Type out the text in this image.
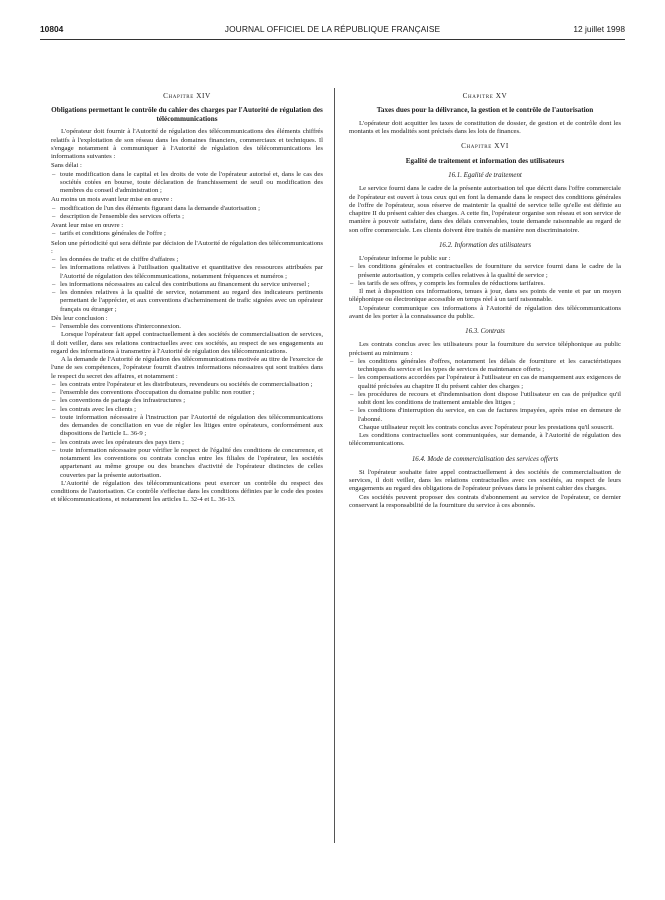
10804	JOURNAL OFFICIEL DE LA RÉPUBLIQUE FRANÇAISE	12 juillet 1998
Chapitre XIV
Obligations permettant le contrôle du cahier des charges par l'Autorité de régulation des télécommunications

L'opérateur doit fournir à l'Autorité de régulation des télécommunications des éléments chiffrés relatifs à l'exploitation de son réseau dans les domaines financiers, commerciaux et techniques. Il s'engage notamment à communiquer à l'Autorité de régulation des télécommunications les informations suivantes :

Sans délai :

– toute modification dans le capital et les droits de vote de l'opérateur autorisé et, dans le cas des sociétés cotées en bourse, toute déclaration de franchissement de seuil ou modification des membres du conseil d'administration ;

Au moins un mois avant leur mise en œuvre :

– modification de l'un des éléments figurant dans la demande d'autorisation ;
– description de l'ensemble des services offerts ;

Avant leur mise en œuvre :

– tarifs et conditions générales de l'offre ;

Selon une périodicité qui sera définie par décision de l'Autorité de régulation des télécommunications :

– les données de trafic et de chiffre d'affaires ;
– les informations relatives à l'utilisation qualitative et quantitative des ressources attribuées par l'Autorité de régulation des télécommunications, notamment fréquences et numéros ;
– les informations nécessaires au calcul des contributions au financement du service universel ;
– les données relatives à la qualité de service, notamment au regard des indicateurs pertinents permettant de l'apprécier, et aux conventions d'acheminement de trafic signées avec un opérateur français ou étranger ;

Dès leur conclusion :

– l'ensemble des conventions d'interconnexion.

Lorsque l'opérateur fait appel contractuellement à des sociétés de commercialisation de services, il doit veiller, dans ses relations contractuelles avec ces sociétés, au respect de ses engagements au regard des informations à transmettre à l'Autorité de régulation des télécommunications.

A la demande de l'Autorité de régulation des télécommunications motivée au titre de l'exercice de l'une de ses compétences, l'opérateur fournit d'autres informations nécessaires qui sont traitées dans le respect du secret des affaires, et notamment :

– les contrats entre l'opérateur et les distributeurs, revendeurs ou sociétés de commercialisation ;
– l'ensemble des conventions d'occupation du domaine public non routier ;
– les conventions de partage des infrastructures ;
– les contrats avec les clients ;
– toute information nécessaire à l'instruction par l'Autorité de régulation des télécommunications des demandes de conciliation en vue de régler les litiges entre opérateurs, conformément aux dispositions de l'article L. 36-9 ;
– les contrats avec les opérateurs des pays tiers ;
– toute information nécessaire pour vérifier le respect de l'égalité des conditions de concurrence, et notamment les conventions ou contrats conclus entre les filiales de l'opérateur, les sociétés appartenant au même groupe ou des branches d'activité de l'opérateur distinctes de celles couvertes par la présente autorisation.

L'Autorité de régulation des télécommunications peut exercer un contrôle du respect des conditions de l'autorisation. Ce contrôle s'effectue dans les conditions définies par le code des postes et télécommunications, et notamment les articles L. 32-4 et L. 36-13.

Chapitre XV
Taxes dues pour la délivrance, la gestion et le contrôle de l'autorisation

L'opérateur doit acquitter les taxes de constitution de dossier, de gestion et de contrôle dont les montants et les modalités sont précisés dans les lois de finances.

Chapitre XVI
Egalité de traitement et information des utilisateurs
16.1. Egalité de traitement

Le service fourni dans le cadre de la présente autorisation tel que décrit dans l'offre commerciale de l'opérateur est ouvert à tous ceux qui en font la demande dans le respect des conditions générales de l'offre de l'opérateur, sous réserve de maintenir la qualité de service telle qu'elle est définie au chapitre II du présent cahier des charges. A cette fin, l'opérateur organise son réseau et son service de manière à pouvoir satisfaire, dans des délais convenables, toute demande raisonnable au regard de son offre commerciale. Les clients doivent être traités de manière non discriminatoire.

16.2. Information des utilisateurs

L'opérateur informe le public sur :

– les conditions générales et contractuelles de fourniture du service fourni dans le cadre de la présente autorisation, y compris celles relatives à la qualité de service ;
– les tarifs de ses offres, y compris les formules de réductions tarifaires.

Il met à disposition ces informations, tenues à jour, dans ses points de vente et par un moyen téléphonique ou électronique accessible en temps réel à un tarif raisonnable.

L'opérateur communique ces informations à l'Autorité de régulation des télécommunications avant de les porter à la connaissance du public.

16.3. Contrats

Les contrats conclus avec les utilisateurs pour la fourniture du service téléphonique au public précisent au minimum :

– les conditions générales d'offres, notamment les délais de fourniture et les caractéristiques techniques du service et les types de services de maintenance offerts ;
– les compensations accordées par l'opérateur à l'utilisateur en cas de manquement aux exigences de qualité précisées au chapitre II du présent cahier des charges ;
– les procédures de recours et d'indemnisation dont dispose l'utilisateur en cas de préjudice qu'il subit dont les conditions de traitement amiable des litiges ;
– les conditions d'interruption du service, en cas de factures impayées, après mise en demeure de l'abonné.

Chaque utilisateur reçoit les contrats conclus avec l'opérateur pour les prestations qu'il souscrit.

Les conditions contractuelles sont communiquées, sur demande, à l'Autorité de régulation des télécommunications.

16.4. Mode de commercialisation des services offerts

Si l'opérateur souhaite faire appel contractuellement à des sociétés de commercialisation de services, il doit veiller, dans les relations contractuelles avec ces sociétés, au respect de leurs engagements au regard des obligations de l'opérateur prévues dans le présent cahier des charges.

Ces sociétés peuvent proposer des contrats d'abonnement au service de l'opérateur, ce dernier conservant la responsabilité de la fourniture du service à ces abonnés.
